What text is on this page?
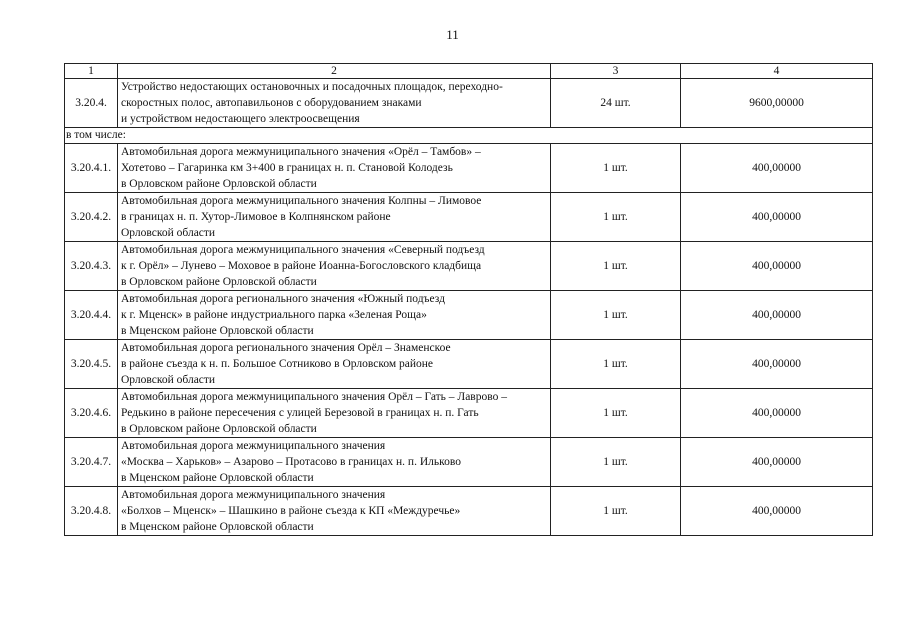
11
1	2	3	4
3.20.4.	Устройство недостающих остановочных и посадочных площадок, переходно-
скоростных полос, автопавильонов с оборудованием знаками
и устройством недостающего электроосвещения	24 шт.	9600,00000
в том числе:			
3.20.4.1.	Автомобильная дорога межмуниципального значения «Орёл – Тамбов» –
Хотетово – Гагаринка км 3+400 в границах н. п. Становой Колодезь
в Орловском районе Орловской области	1 шт.	400,00000
3.20.4.2.	Автомобильная дорога межмуниципального значения Колпны – Лимовое
в границах н. п. Хутор-Лимовое в Колпнянском районе
Орловской области	1 шт.	400,00000
3.20.4.3.	Автомобильная дорога межмуниципального значения «Северный подъезд
к г. Орёл» – Лунево – Моховое в районе Иоанна-Богословского кладбища
в Орловском районе Орловской области	1 шт.	400,00000
3.20.4.4.	Автомобильная дорога регионального значения «Южный подъезд
к г. Мценск» в районе индустриального парка «Зеленая Роща»
в Мценском районе Орловской области	1 шт.	400,00000
3.20.4.5.	Автомобильная дорога регионального значения Орёл – Знаменское
в районе съезда к н. п. Большое Сотниково в Орловском районе
Орловской области	1 шт.	400,00000
3.20.4.6.	Автомобильная дорога межмуниципального значения Орёл – Гать – Лаврово –
Редькино в районе пересечения с улицей Березовой в границах н. п. Гать
в Орловском районе Орловской области	1 шт.	400,00000
3.20.4.7.	Автомобильная дорога межмуниципального значения
«Москва – Харьков» – Азарово – Протасово в границах н. п. Ильково
в Мценском районе Орловской области	1 шт.	400,00000
3.20.4.8.	Автомобильная дорога межмуниципального значения
«Болхов – Мценск» – Шашкино в районе съезда к КП «Междуречье»
в Мценском районе Орловской области	1 шт.	400,00000
